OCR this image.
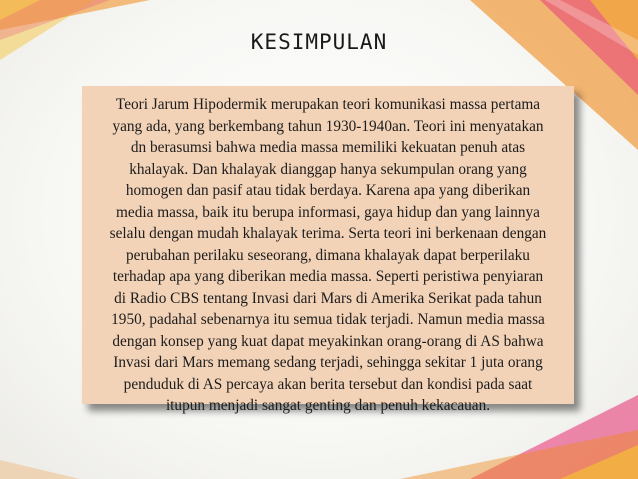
KESIMPULAN
Teori Jarum Hipodermik merupakan teori komunikasi massa pertama
yang ada, yang berkembang tahun 1930-1940an. Teori ini menyatakan
dn berasumsi bahwa media massa memiliki kekuatan penuh atas
khalayak. Dan khalayak dianggap hanya sekumpulan orang yang
homogen dan pasif atau tidak berdaya. Karena apa yang diberikan
media massa, baik itu berupa informasi, gaya hidup dan yang lainnya
selalu dengan mudah khalayak terima. Serta teori ini berkenaan dengan
perubahan perilaku seseorang, dimana khalayak dapat berperilaku
terhadap apa yang diberikan media massa. Seperti peristiwa penyiaran
di Radio CBS tentang Invasi dari Mars di Amerika Serikat pada tahun
1950, padahal sebenarnya itu semua tidak terjadi. Namun media massa
dengan konsep yang kuat dapat meyakinkan orang-orang di AS bahwa
Invasi dari Mars memang sedang terjadi, sehingga sekitar 1 juta orang
penduduk di AS percaya akan berita tersebut dan kondisi pada saat
itupun menjadi sangat genting dan penuh kekacauan.
